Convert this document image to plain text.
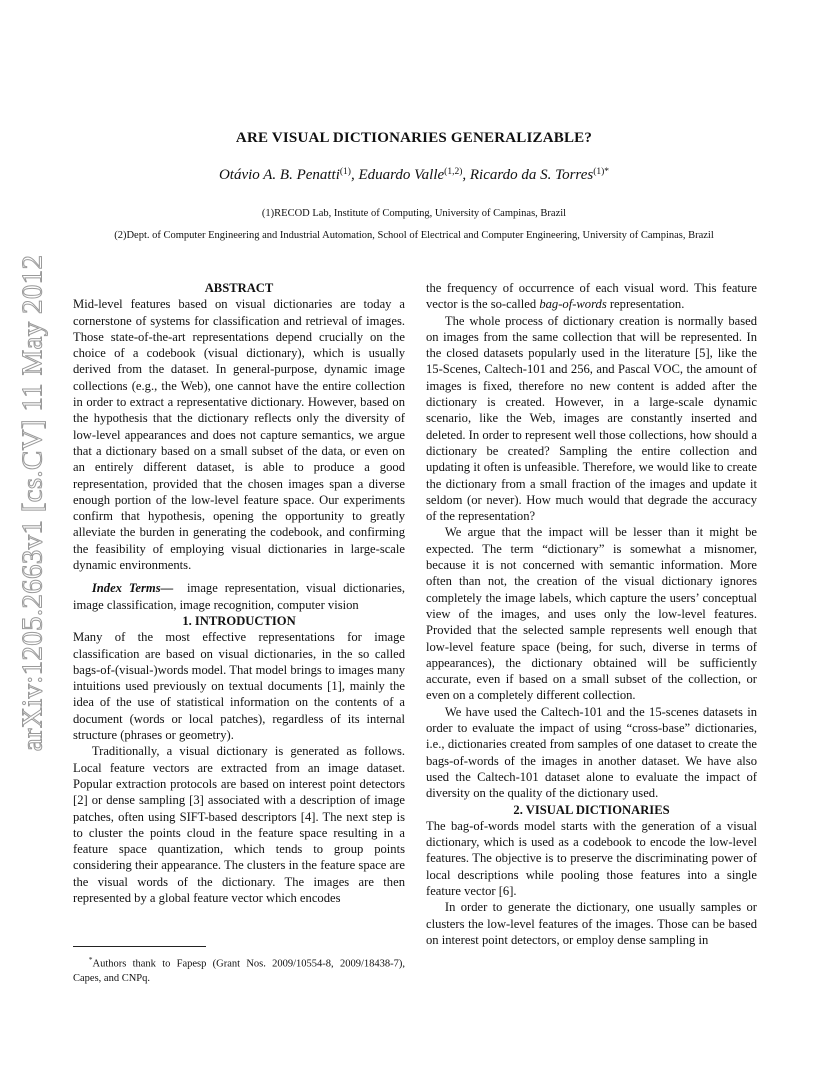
arXiv:1205.2663v1 [cs.CV] 11 May 2012
ARE VISUAL DICTIONARIES GENERALIZABLE?
Otávio A. B. Penatti$^{(1)}$, Eduardo Valle$^{(1,2)}$, Ricardo da S. Torres$^{(1)*}$
(1)RECOD Lab, Institute of Computing, University of Campinas, Brazil
(2)Dept. of Computer Engineering and Industrial Automation, School of Electrical and Computer Engineering, University of Campinas, Brazil

ABSTRACT

Mid-level features based on visual dictionaries are today a cornerstone of systems for classification and retrieval of images. Those state-of-the-art representations depend crucially on the choice of a codebook (visual dictionary), which is usually derived from the dataset. In general-purpose, dynamic image collections (e.g., the Web), one cannot have the entire collection in order to extract a representative dictionary. However, based on the hypothesis that the dictionary reflects only the diversity of low-level appearances and does not capture semantics, we argue that a dictionary based on a small subset of the data, or even on an entirely different dataset, is able to produce a good representation, provided that the chosen images span a diverse enough portion of the low-level feature space. Our experiments confirm that hypothesis, opening the opportunity to greatly alleviate the burden in generating the codebook, and confirming the feasibility of employing visual dictionaries in large-scale dynamic environments.

Index Terms— image representation, visual dictionaries, image classification, image recognition, computer vision

1. INTRODUCTION

Many of the most effective representations for image classification are based on visual dictionaries, in the so called bags-of-(visual-)words model. That model brings to images many intuitions used previously on textual documents [1], mainly the idea of the use of statistical information on the contents of a document (words or local patches), regardless of its internal structure (phrases or geometry).

Traditionally, a visual dictionary is generated as follows. Local feature vectors are extracted from an image dataset. Popular extraction protocols are based on interest point detectors [2] or dense sampling [3] associated with a description of image patches, often using SIFT-based descriptors [4]. The next step is to cluster the points cloud in the feature space resulting in a feature space quantization, which tends to group points considering their appearance. The clusters in the feature space are the visual words of the dictionary. The images are then represented by a global feature vector which encodes

the frequency of occurrence of each visual word. This feature vector is the so-called bag-of-words representation.

The whole process of dictionary creation is normally based on images from the same collection that will be represented. In the closed datasets popularly used in the literature [5], like the 15-Scenes, Caltech-101 and 256, and Pascal VOC, the amount of images is fixed, therefore no new content is added after the dictionary is created. However, in a large-scale dynamic scenario, like the Web, images are constantly inserted and deleted. In order to represent well those collections, how should a dictionary be created? Sampling the entire collection and updating it often is unfeasible. Therefore, we would like to create the dictionary from a small fraction of the images and update it seldom (or never). How much would that degrade the accuracy of the representation?

We argue that the impact will be lesser than it might be expected. The term “dictionary” is somewhat a misnomer, because it is not concerned with semantic information. More often than not, the creation of the visual dictionary ignores completely the image labels, which capture the users’ conceptual view of the images, and uses only the low-level features. Provided that the selected sample represents well enough that low-level feature space (being, for such, diverse in terms of appearances), the dictionary obtained will be sufficiently accurate, even if based on a small subset of the collection, or even on a completely different collection.

We have used the Caltech-101 and the 15-scenes datasets in order to evaluate the impact of using “cross-base” dictionaries, i.e., dictionaries created from samples of one dataset to create the bags-of-words of the images in another dataset. We have also used the Caltech-101 dataset alone to evaluate the impact of diversity on the quality of the dictionary used.

2. VISUAL DICTIONARIES

The bag-of-words model starts with the generation of a visual dictionary, which is used as a codebook to encode the low-level features. The objective is to preserve the discriminating power of local descriptions while pooling those features into a single feature vector [6].

In order to generate the dictionary, one usually samples or clusters the low-level features of the images. Those can be based on interest point detectors, or employ dense sampling in

*Authors thank to Fapesp (Grant Nos. 2009/10554-8, 2009/18438-7), Capes, and CNPq.
